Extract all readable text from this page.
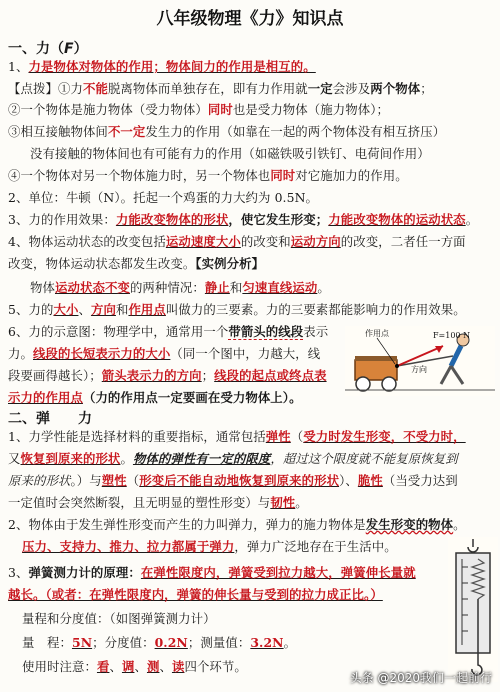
八年级物理《力》知识点
一、力（F）
1、力是物体对物体的作用；物体间力的作用是相互的。
【点拨】①力不能脱离物体而单独存在，即有力作用就一定会涉及两个物体；
②一个物体是施力物体（受力物体）同时也是受力物体（施力物体）；
③相互接触物体间不一定发生力的作用（如靠在一起的两个物体没有相互挤压）
没有接触的物体间也有可能有力的作用（如磁铁吸引铁钉、电荷间作用）
④一个物体对另一个物体施力时，另一个物体也同时对它施加力的作用。
2、单位：牛顿（N）。托起一个鸡蛋的力大约为 0.5N。
3、力的作用效果：力能改变物体的形状，使它发生形变；力能改变物体的运动状态。
4、物体运动状态的改变包括运动速度大小的改变和运动方向的改变，二者任一方面
改变，物体运动状态都发生改变。【实例分析】
物体运动状态不变的两种情况：静止和匀速直线运动。
5、力的大小、方向和作用点叫做力的三要素。力的三要素都能影响力的作用效果。
6、力的示意图：物理学中，通常用一个带箭头的线段表示
力。线段的长短表示力的大小（同一个图中，力越大，线
段要画得越长）；箭头表示力的方向；线段的起点或终点表
示力的作用点（力的作用点一定要画在受力物体上）。
作用点	F=100 N
方向
二、弹　　力
1、力学性能是选择材料的重要指标，通常包括弹性（受力时发生形变，不受力时，
又恢复到原来的形状。物体的弹性有一定的限度，超过这个限度就不能复原恢复到
原来的形状。）与塑性（形变后不能自动地恢复到原来的形状）、脆性（当受力达到
一定值时会突然断裂，且无明显的塑性形变）与韧性。
2、物体由于发生弹性形变而产生的力叫弹力，弹力的施力物体是发生形变的物体。
压力、支持力、推力、拉力都属于弹力，弹力广泛地存在于生活中。
3、弹簧测力计的原理：在弹性限度内，弹簧受到拉力越大，弹簧伸长量就
越长。（或者：在弹性限度内，弹簧的伸长量与受到的拉力成正比。）
量程和分度值：（如图弹簧测力计）
量　程：5N；分度值：0.2N；测量值：3.2N。
使用时注意：看、调、测、读四个环节。
头条 @2020我们一起前行
